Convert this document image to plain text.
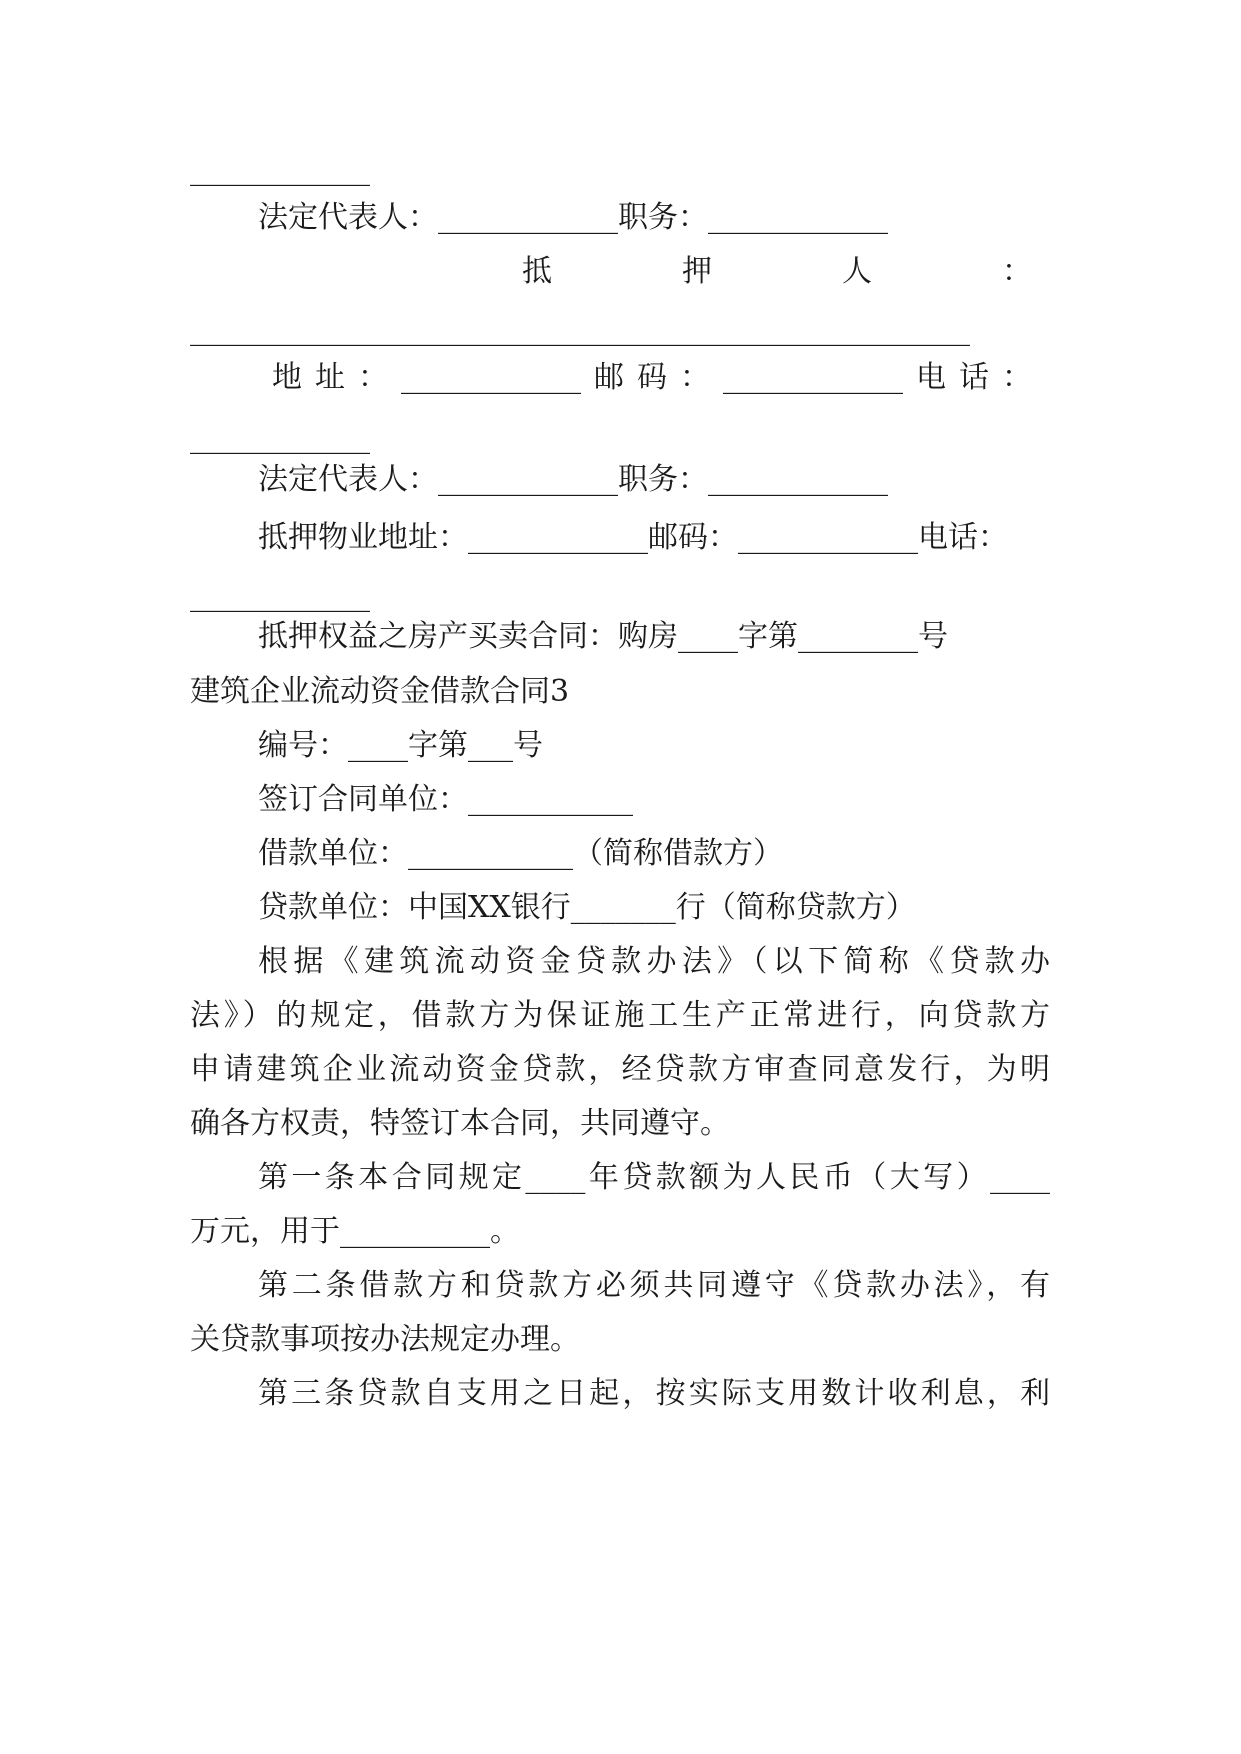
____________
法定代表人：____________职务：____________
抵	押	人	：
____________________________________________________
地 址 ： ____________ 邮 码 ： ____________ 电 话 ：
____________
法定代表人：____________职务：____________
抵押物业地址：____________邮码：____________电话：
____________
抵押权益之房产买卖合同：购房____字第________号
建筑企业流动资金借款合同3
编号：____字第___号
签订合同单位：___________
借款单位：___________（简称借款方）
贷款单位：中国XX银行_______行（简称贷款方）
根据《建筑流动资金贷款办法》（以下简称《贷款办
法》）的规定，借款方为保证施工生产正常进行，向贷款方
申请建筑企业流动资金贷款，经贷款方审查同意发行，为明
确各方权责，特签订本合同，共同遵守。
第一条本合同规定____年贷款额为人民币（大写）____
万元，用于__________。
第二条借款方和贷款方必须共同遵守《贷款办法》，有
关贷款事项按办法规定办理。
第三条贷款自支用之日起，按实际支用数计收利息，利
